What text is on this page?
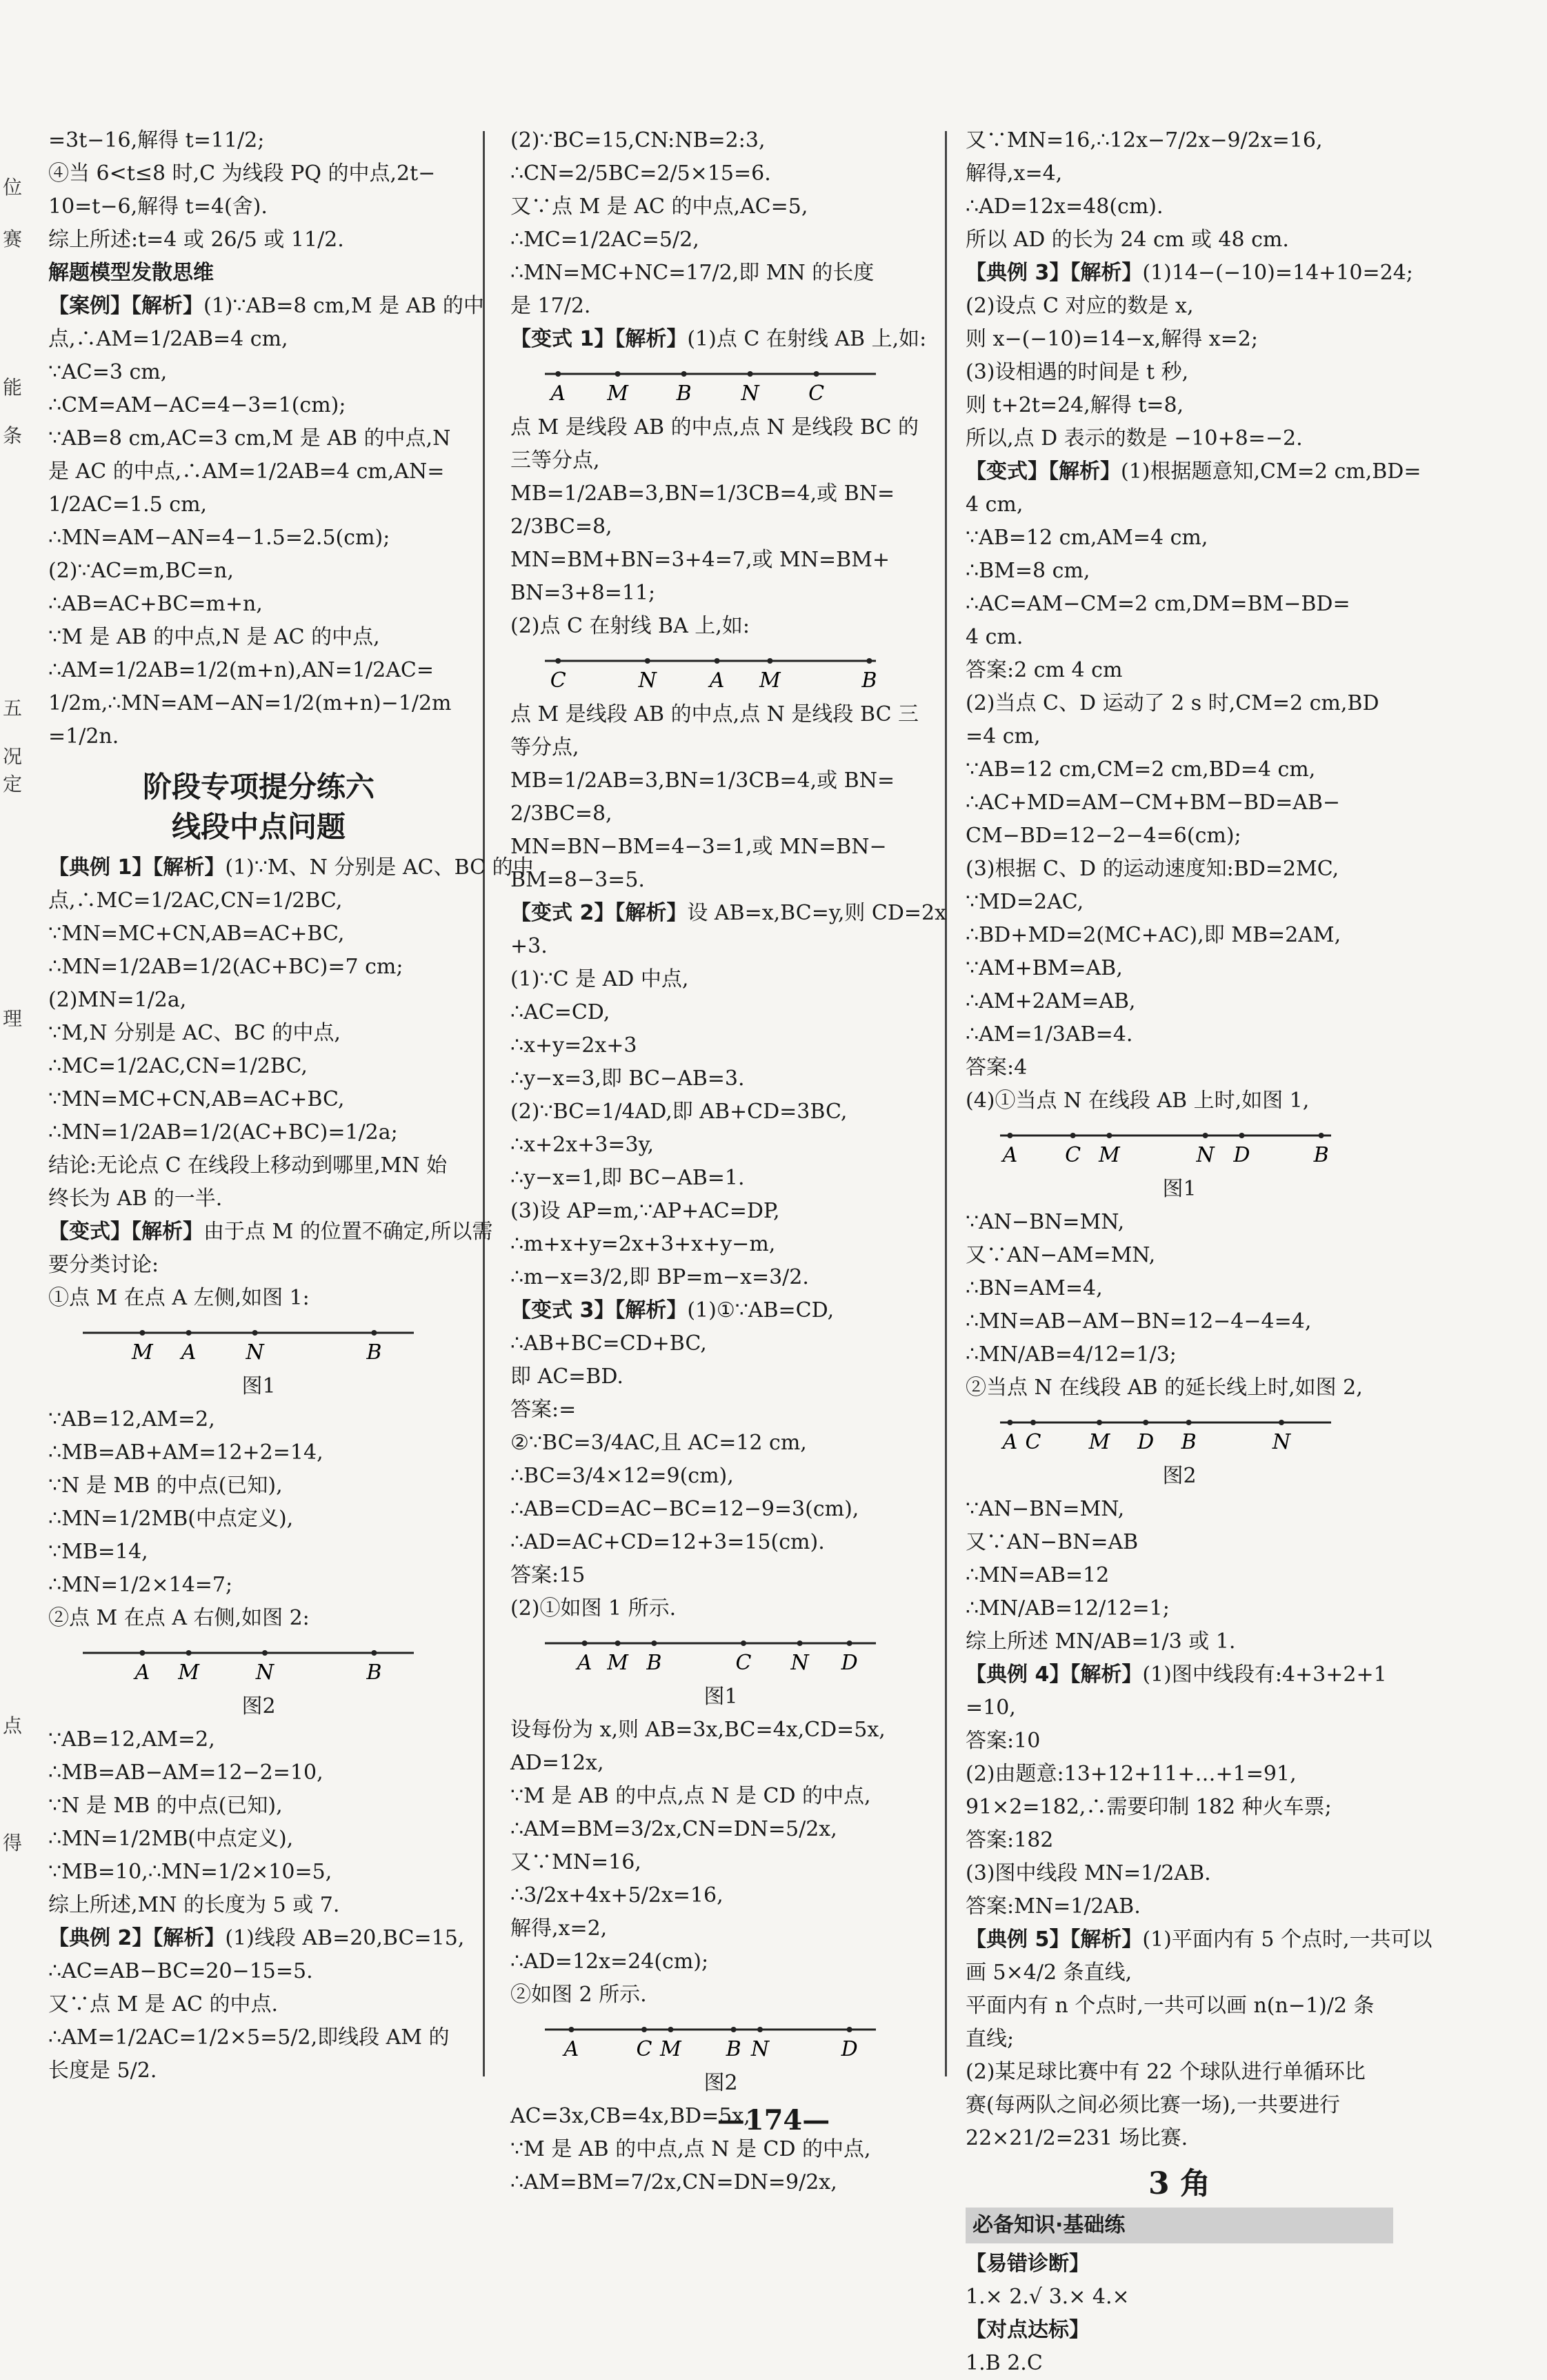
位
赛
能
条
五
况
定
理
点
得

=3t−16,解得 t=11/2;

④当 6<t≤8 时,C 为线段 PQ 的中点,2t−

10=t−6,解得 t=4(舍).

综上所述:t=4 或 26/5 或 11/2.

解题模型发散思维

【案例】【解析】(1)∵AB=8 cm,M 是 AB 的中

点,∴AM=1/2AB=4 cm,

∵AC=3 cm,

∴CM=AM−AC=4−3=1(cm);

∵AB=8 cm,AC=3 cm,M 是 AB 的中点,N

是 AC 的中点,∴AM=1/2AB=4 cm,AN=

1/2AC=1.5 cm,

∴MN=AM−AN=4−1.5=2.5(cm);

(2)∵AC=m,BC=n,

∴AB=AC+BC=m+n,

∵M 是 AB 的中点,N 是 AC 的中点,

∴AM=1/2AB=1/2(m+n),AN=1/2AC=

1/2m,∴MN=AM−AN=1/2(m+n)−1/2m

=1/2n.

阶段专项提分练六
线段中点问题

【典例 1】【解析】(1)∵M、N 分别是 AC、BC 的中

点,∴MC=1/2AC,CN=1/2BC,

∵MN=MC+CN,AB=AC+BC,

∴MN=1/2AB=1/2(AC+BC)=7 cm;

(2)MN=1/2a,

∵M,N 分别是 AC、BC 的中点,

∴MC=1/2AC,CN=1/2BC,

∵MN=MC+CN,AB=AC+BC,

∴MN=1/2AB=1/2(AC+BC)=1/2a;

结论:无论点 C 在线段上移动到哪里,MN 始

终长为 AB 的一半.

【变式】【解析】由于点 M 的位置不确定,所以需

要分类讨论:

①点 M 在点 A 左侧,如图 1:

M A N	B

图1

∵AB=12,AM=2,

∴MB=AB+AM=12+2=14,

∵N 是 MB 的中点(已知),

∴MN=1/2MB(中点定义),

∵MB=14,

∴MN=1/2×14=7;

②点 M 在点 A 右侧,如图 2:

A M	N	B

图2

∵AB=12,AM=2,

∴MB=AB−AM=12−2=10,

∵N 是 MB 的中点(已知),

∴MN=1/2MB(中点定义),

∵MB=10,∴MN=1/2×10=5,

综上所述,MN 的长度为 5 或 7.

【典例 2】【解析】(1)线段 AB=20,BC=15,

∴AC=AB−BC=20−15=5.

又∵点 M 是 AC 的中点.

∴AM=1/2AC=1/2×5=5/2,即线段 AM 的

长度是 5/2.

(2)∵BC=15,CN:NB=2:3,

∴CN=2/5BC=2/5×15=6.

又∵点 M 是 AC 的中点,AC=5,

∴MC=1/2AC=5/2,

∴MN=MC+NC=17/2,即 MN 的长度

是 17/2.

【变式 1】【解析】(1)点 C 在射线 AB 上,如:

A M B N C

点 M 是线段 AB 的中点,点 N 是线段 BC 的

三等分点,

MB=1/2AB=3,BN=1/3CB=4,或 BN=

2/3BC=8,

MN=BM+BN=3+4=7,或 MN=BM+

BN=3+8=11;

(2)点 C 在射线 BA 上,如:

C	N	A M	B

点 M 是线段 AB 的中点,点 N 是线段 BC 三

等分点,

MB=1/2AB=3,BN=1/3CB=4,或 BN=

2/3BC=8,

MN=BN−BM=4−3=1,或 MN=BN−

BM=8−3=5.

【变式 2】【解析】设 AB=x,BC=y,则 CD=2x

+3.

(1)∵C 是 AD 中点,

∴AC=CD,

∴x+y=2x+3

∴y−x=3,即 BC−AB=3.

(2)∵BC=1/4AD,即 AB+CD=3BC,

∴x+2x+3=3y,

∴y−x=1,即 BC−AB=1.

(3)设 AP=m,∵AP+AC=DP,

∴m+x+y=2x+3+x+y−m,

∴m−x=3/2,即 BP=m−x=3/2.

【变式 3】【解析】(1)①∵AB=CD,

∴AB+BC=CD+BC,

即 AC=BD.

答案:=

②∵BC=3/4AC,且 AC=12 cm,

∴BC=3/4×12=9(cm),

∴AB=CD=AC−BC=12−9=3(cm),

∴AD=AC+CD=12+3=15(cm).

答案:15

(2)①如图 1 所示.

A M B	C N D

图1

设每份为 x,则 AB=3x,BC=4x,CD=5x,

AD=12x,

∵M 是 AB 的中点,点 N 是 CD 的中点,

∴AM=BM=3/2x,CN=DN=5/2x,

又∵MN=16,

∴3/2x+4x+5/2x=16,

解得,x=2,

∴AD=12x=24(cm);

②如图 2 所示.

A	C M B N	D

图2

AC=3x,CB=4x,BD=5x,

∵M 是 AB 的中点,点 N 是 CD 的中点,

∴AM=BM=7/2x,CN=DN=9/2x,

又∵MN=16,∴12x−7/2x−9/2x=16,

解得,x=4,

∴AD=12x=48(cm).

所以 AD 的长为 24 cm 或 48 cm.

【典例 3】【解析】(1)14−(−10)=14+10=24;

(2)设点 C 对应的数是 x,

则 x−(−10)=14−x,解得 x=2;

(3)设相遇的时间是 t 秒,

则 t+2t=24,解得 t=8,

所以,点 D 表示的数是 −10+8=−2.

【变式】【解析】(1)根据题意知,CM=2 cm,BD=

4 cm,

∵AB=12 cm,AM=4 cm,

∴BM=8 cm,

∴AC=AM−CM=2 cm,DM=BM−BD=

4 cm.

答案:2 cm 4 cm

(2)当点 C、D 运动了 2 s 时,CM=2 cm,BD

=4 cm,

∵AB=12 cm,CM=2 cm,BD=4 cm,

∴AC+MD=AM−CM+BM−BD=AB−

CM−BD=12−2−4=6(cm);

(3)根据 C、D 的运动速度知:BD=2MC,

∵MD=2AC,

∴BD+MD=2(MC+AC),即 MB=2AM,

∵AM+BM=AB,

∴AM+2AM=AB,

∴AM=1/3AB=4.

答案:4

(4)①当点 N 在线段 AB 上时,如图 1,

A C M	N D	B

图1

∵AN−BN=MN,

又∵AN−AM=MN,

∴BN=AM=4,

∴MN=AB−AM−BN=12−4−4=4,

∴MN/AB=4/12=1/3;

②当点 N 在线段 AB 的延长线上时,如图 2,

A C M D B	N

图2

∵AN−BN=MN,

又∵AN−BN=AB

∴MN=AB=12

∴MN/AB=12/12=1;

综上所述 MN/AB=1/3 或 1.

【典例 4】【解析】(1)图中线段有:4+3+2+1

=10,

答案:10

(2)由题意:13+12+11+…+1=91,

91×2=182,∴需要印制 182 种火车票;

答案:182

(3)图中线段 MN=1/2AB.

答案:MN=1/2AB.

【典例 5】【解析】(1)平面内有 5 个点时,一共可以

画 5×4/2 条直线,

平面内有 n 个点时,一共可以画 n(n−1)/2 条

直线;

(2)某足球比赛中有 22 个球队进行单循环比

赛(每两队之间必须比赛一场),一共要进行

22×21/2=231 场比赛.

3 角
必备知识·基础练

【易错诊断】

1.× 2.√ 3.× 4.×

【对点达标】

1.B 2.C

—174—
